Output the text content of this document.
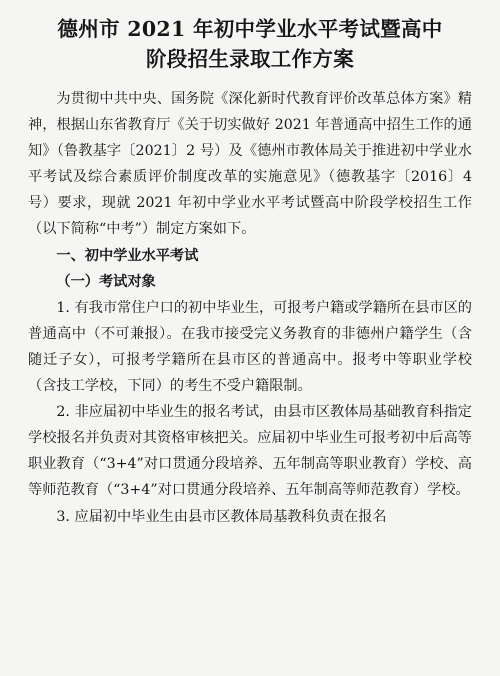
德州市 2021 年初中学业水平考试暨高中
阶段招生录取工作方案

为贯彻中共中央、国务院《深化新时代教育评价改革总体方案》精神，根据山东省教育厅《关于切实做好 2021 年普通高中招生工作的通知》（鲁教基字〔2021〕2 号）及《德州市教体局关于推进初中学业水平考试及综合素质评价制度改革的实施意见》（德教基字〔2016〕4 号）要求，现就 2021 年初中学业水平考试暨高中阶段学校招生工作（以下简称“中考”）制定方案如下。

一、初中学业水平考试

（一）考试对象

1. 有我市常住户口的初中毕业生，可报考户籍或学籍所在县市区的普通高中（不可兼报）。在我市接受完义务教育的非德州户籍学生（含随迁子女），可报考学籍所在县市区的普通高中。报考中等职业学校（含技工学校，下同）的考生不受户籍限制。

2. 非应届初中毕业生的报名考试，由县市区教体局基础教育科指定学校报名并负责对其资格审核把关。应届初中毕业生可报考初中后高等职业教育（“3+4”对口贯通分段培养、五年制高等职业教育）学校、高等师范教育（“3+4”对口贯通分段培养、五年制高等师范教育）学校。

3. 应届初中毕业生由县市区教体局基教科负责在报名
